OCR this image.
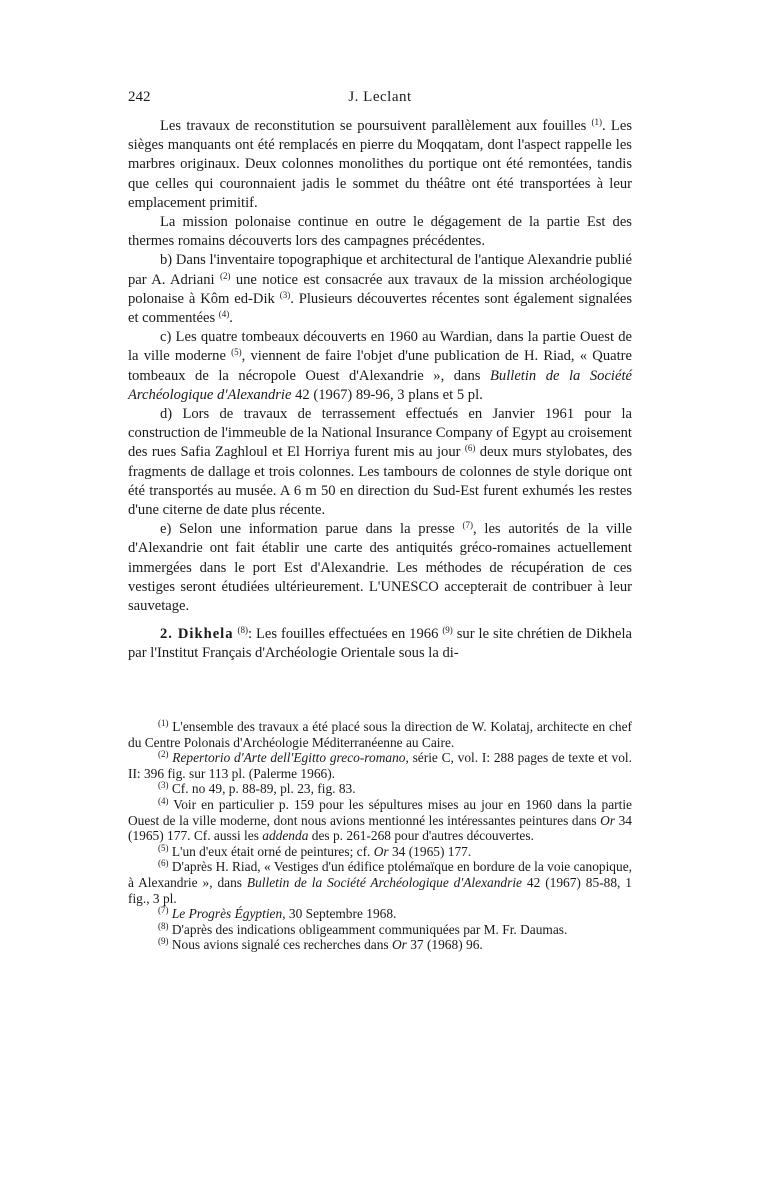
242	J. Leclant

Les travaux de reconstitution se poursuivent parallèlement aux fouilles $^{(1)}$. Les sièges manquants ont été remplacés en pierre du Moqqatam, dont l'aspect rappelle les marbres originaux. Deux colonnes monolithes du portique ont été remontées, tandis que celles qui couronnaient jadis le sommet du théâtre ont été transportées à leur emplacement primitif.

La mission polonaise continue en outre le dégagement de la partie Est des thermes romains découverts lors des campagnes précédentes.

b) Dans l'inventaire topographique et architectural de l'antique Alexandrie publié par A. Adriani $^{(2)}$ une notice est consacrée aux travaux de la mission archéologique polonaise à Kôm ed-Dik $^{(3)}$. Plusieurs découvertes récentes sont également signalées et commentées $^{(4)}$.

c) Les quatre tombeaux découverts en 1960 au Wardian, dans la partie Ouest de la ville moderne $^{(5)}$, viennent de faire l'objet d'une publication de H. Riad, « Quatre tombeaux de la nécropole Ouest d'Alexandrie », dans Bulletin de la Société Archéologique d'Alexandrie 42 (1967) 89-96, 3 plans et 5 pl.

d) Lors de travaux de terrassement effectués en Janvier 1961 pour la construction de l'immeuble de la National Insurance Company of Egypt au croisement des rues Safia Zaghloul et El Horriya furent mis au jour $^{(6)}$ deux murs stylobates, des fragments de dallage et trois colonnes. Les tambours de colonnes de style dorique ont été transportés au musée. A 6 m 50 en direction du Sud-Est furent exhumés les restes d'une citerne de date plus récente.

e) Selon une information parue dans la presse $^{(7)}$, les autorités de la ville d'Alexandrie ont fait établir une carte des antiquités gréco-romaines actuellement immergées dans le port Est d'Alexandrie. Les méthodes de récupération de ces vestiges seront étudiées ultérieurement. L'UNESCO accepterait de contribuer à leur sauvetage.

2. Dikhela $^{(8)}$: Les fouilles effectuées en 1966 $^{(9)}$ sur le site chrétien de Dikhela par l'Institut Français d'Archéologie Orientale sous la di-

$^{(1)}$ L'ensemble des travaux a été placé sous la direction de W. Kolataj, architecte en chef du Centre Polonais d'Archéologie Méditerranéenne au Caire.

$^{(2)}$ Repertorio d'Arte dell'Egitto greco-romano, série C, vol. I: 288 pages de texte et vol. II: 396 fig. sur 113 pl. (Palerme 1966).

$^{(3)}$ Cf. no 49, p. 88-89, pl. 23, fig. 83.

$^{(4)}$ Voir en particulier p. 159 pour les sépultures mises au jour en 1960 dans la partie Ouest de la ville moderne, dont nous avions mentionné les intéressantes peintures dans Or 34 (1965) 177. Cf. aussi les addenda des p. 261-268 pour d'autres découvertes.

$^{(5)}$ L'un d'eux était orné de peintures; cf. Or 34 (1965) 177.

$^{(6)}$ D'après H. Riad, « Vestiges d'un édifice ptolémaïque en bordure de la voie canopique, à Alexandrie », dans Bulletin de la Société Archéologique d'Alexandrie 42 (1967) 85-88, 1 fig., 3 pl.

$^{(7)}$ Le Progrès Égyptien, 30 Septembre 1968.

$^{(8)}$ D'après des indications obligeamment communiquées par M. Fr. Daumas.

$^{(9)}$ Nous avions signalé ces recherches dans Or 37 (1968) 96.
